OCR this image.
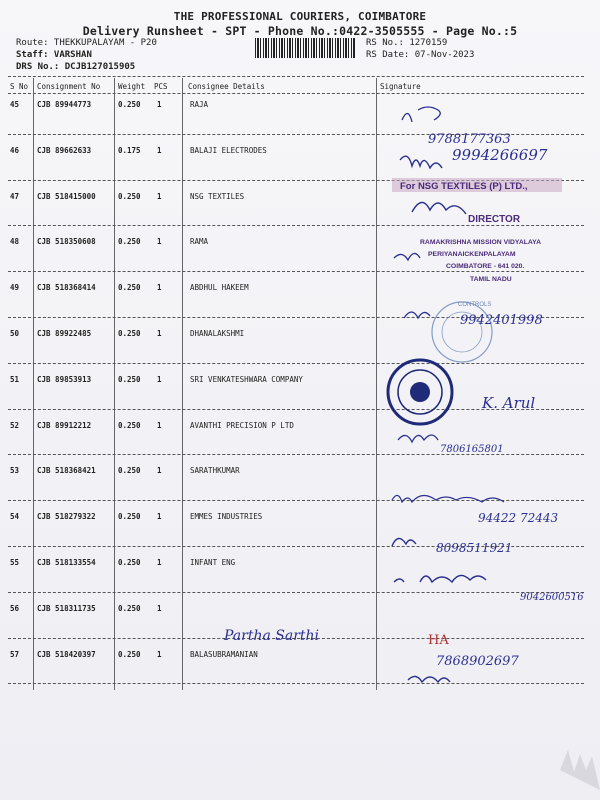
THE PROFESSIONAL COURIERS, COIMBATORE
Delivery Runsheet - SPT - Phone No.:0422-3505555 - Page No.:5
Route: THEKKUPALAYAM - P20
Staff: VARSHAN
DRS No.: DCJB127015905
RS No.: 1270159
RS Date: 07-Nov-2023
S No Consignment No Weight PCS	Consignee Details	Signature
45 CJB 89944773	0.250 1	RAJA
46 CJB 89662633	0.175 1	BALAJI ELECTRODES
47 CJB 518415000	0.250 1	NSG TEXTILES
48 CJB 518350608	0.250 1	RAMA
49 CJB 518368414	0.250 1	ABDHUL HAKEEM
50 CJB 89922485	0.250 1	DHANALAKSHMI
51 CJB 89853913	0.250 1	SRI VENKATESHWARA COMPANY
52 CJB 89912212	0.250 1	AVANTHI PRECISION P LTD
53 CJB 518368421	0.250 1	SARATHKUMAR
54 CJB 518279322	0.250 1	EMMES INDUSTRIES
55 CJB 518133554	0.250 1	INFANT ENG
56 CJB 518311735	0.250 1
57 CJB 518420397	0.250 1	BALASUBRAMANIAN
9788177363
9994266697
For NSG TEXTILES (P) LTD.,
DIRECTOR
RAMAKRISHNA MISSION VIDYALAYA
PERIYANAICKENPALAYAM
COIMBATORE - 641 020.
TAMIL NADU
CONTROLS
9942401998
K. Arul
7806165801
94422 72443
8098511921
9042600516
Partha Sarthi	HA
7868902697
